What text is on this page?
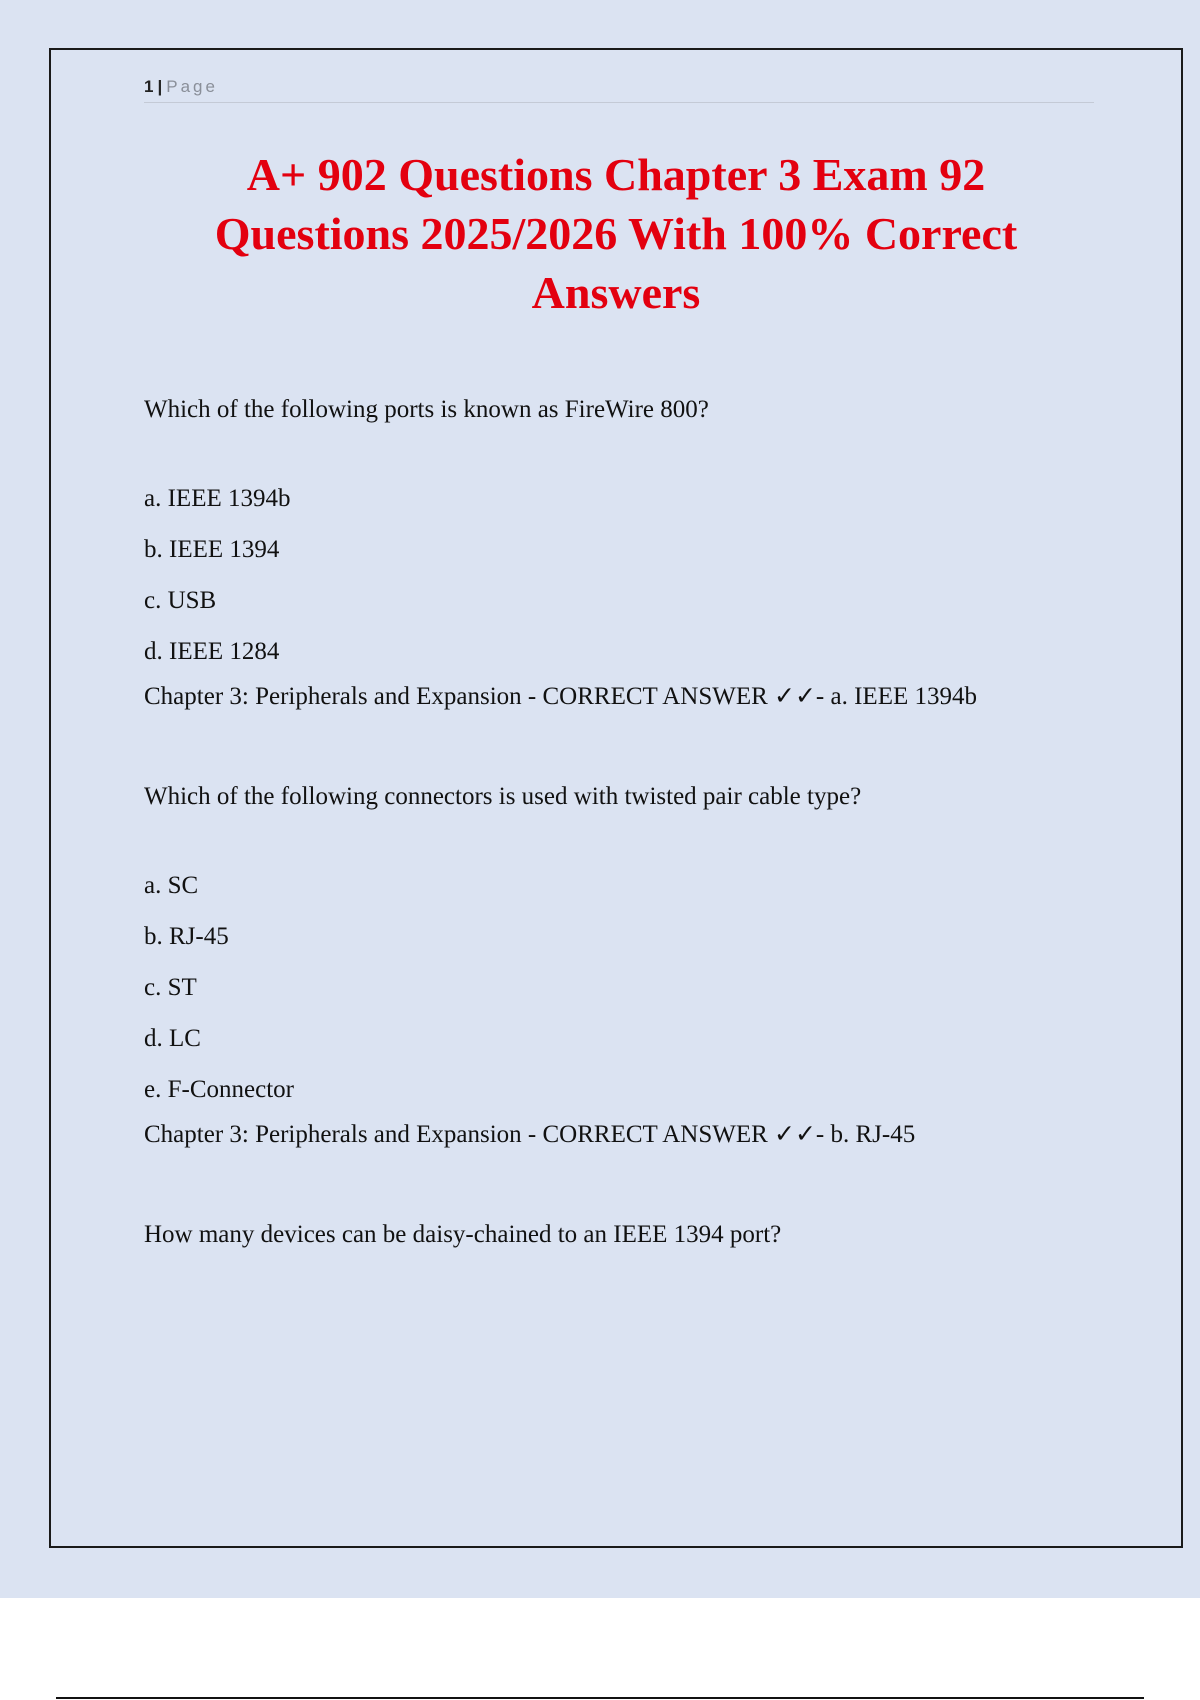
1 | Page
A+ 902 Questions Chapter 3 Exam 92 Questions 2025/2026 With 100% Correct Answers

Which of the following ports is known as FireWire 800?

a. IEEE 1394b

b. IEEE 1394

c. USB

d. IEEE 1284

Chapter 3: Peripherals and Expansion - CORRECT ANSWER ✓✓- a. IEEE 1394b

Which of the following connectors is used with twisted pair cable type?

a. SC

b. RJ-45

c. ST

d. LC

e. F-Connector

Chapter 3: Peripherals and Expansion - CORRECT ANSWER ✓✓- b. RJ-45

How many devices can be daisy-chained to an IEEE 1394 port?
